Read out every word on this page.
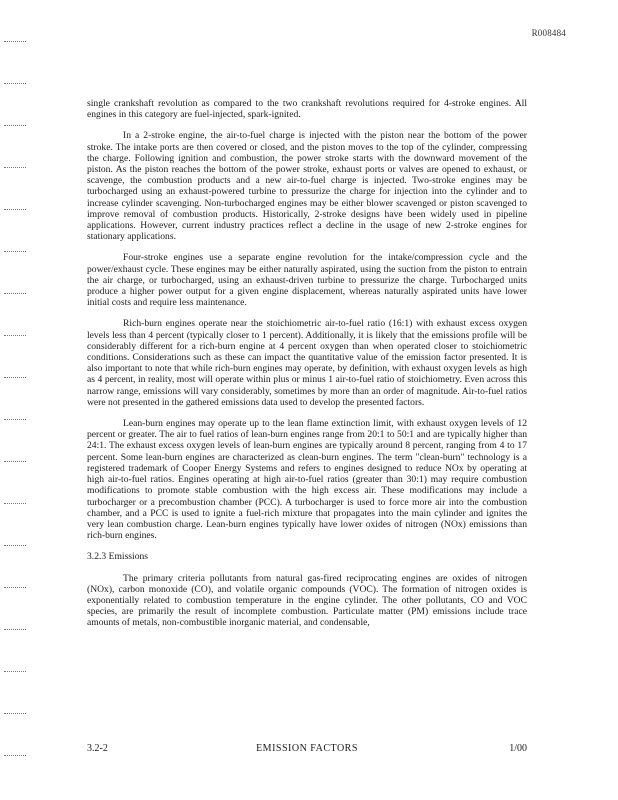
R008484

single crankshaft revolution as compared to the two crankshaft revolutions required for 4-stroke engines. All engines in this category are fuel-injected, spark-ignited.

In a 2-stroke engine, the air-to-fuel charge is injected with the piston near the bottom of the power stroke. The intake ports are then covered or closed, and the piston moves to the top of the cylinder, compressing the charge. Following ignition and combustion, the power stroke starts with the downward movement of the piston. As the piston reaches the bottom of the power stroke, exhaust ports or valves are opened to exhaust, or scavenge, the combustion products and a new air-to-fuel charge is injected. Two-stroke engines may be turbocharged using an exhaust-powered turbine to pressurize the charge for injection into the cylinder and to increase cylinder scavenging. Non-turbocharged engines may be either blower scavenged or piston scavenged to improve removal of combustion products. Historically, 2-stroke designs have been widely used in pipeline applications. However, current industry practices reflect a decline in the usage of new 2-stroke engines for stationary applications.

Four-stroke engines use a separate engine revolution for the intake/compression cycle and the power/exhaust cycle. These engines may be either naturally aspirated, using the suction from the piston to entrain the air charge, or turbocharged, using an exhaust-driven turbine to pressurize the charge. Turbocharged units produce a higher power output for a given engine displacement, whereas naturally aspirated units have lower initial costs and require less maintenance.

Rich-burn engines operate near the stoichiometric air-to-fuel ratio (16:1) with exhaust excess oxygen levels less than 4 percent (typically closer to 1 percent). Additionally, it is likely that the emissions profile will be considerably different for a rich-burn engine at 4 percent oxygen than when operated closer to stoichiometric conditions. Considerations such as these can impact the quantitative value of the emission factor presented. It is also important to note that while rich-burn engines may operate, by definition, with exhaust oxygen levels as high as 4 percent, in reality, most will operate within plus or minus 1 air-to-fuel ratio of stoichiometry. Even across this narrow range, emissions will vary considerably, sometimes by more than an order of magnitude. Air-to-fuel ratios were not presented in the gathered emissions data used to develop the presented factors.

Lean-burn engines may operate up to the lean flame extinction limit, with exhaust oxygen levels of 12 percent or greater. The air to fuel ratios of lean-burn engines range from 20:1 to 50:1 and are typically higher than 24:1. The exhaust excess oxygen levels of lean-burn engines are typically around 8 percent, ranging from 4 to 17 percent. Some lean-burn engines are characterized as clean-burn engines. The term "clean-burn" technology is a registered trademark of Cooper Energy Systems and refers to engines designed to reduce NOx by operating at high air-to-fuel ratios. Engines operating at high air-to-fuel ratios (greater than 30:1) may require combustion modifications to promote stable combustion with the high excess air. These modifications may include a turbocharger or a precombustion chamber (PCC). A turbocharger is used to force more air into the combustion chamber, and a PCC is used to ignite a fuel-rich mixture that propagates into the main cylinder and ignites the very lean combustion charge. Lean-burn engines typically have lower oxides of nitrogen (NOx) emissions than rich-burn engines.

3.2.3 Emissions

The primary criteria pollutants from natural gas-fired reciprocating engines are oxides of nitrogen (NOx), carbon monoxide (CO), and volatile organic compounds (VOC). The formation of nitrogen oxides is exponentially related to combustion temperature in the engine cylinder. The other pollutants, CO and VOC species, are primarily the result of incomplete combustion. Particulate matter (PM) emissions include trace amounts of metals, non-combustible inorganic material, and condensable,

3.2-2	EMISSION FACTORS	1/00
